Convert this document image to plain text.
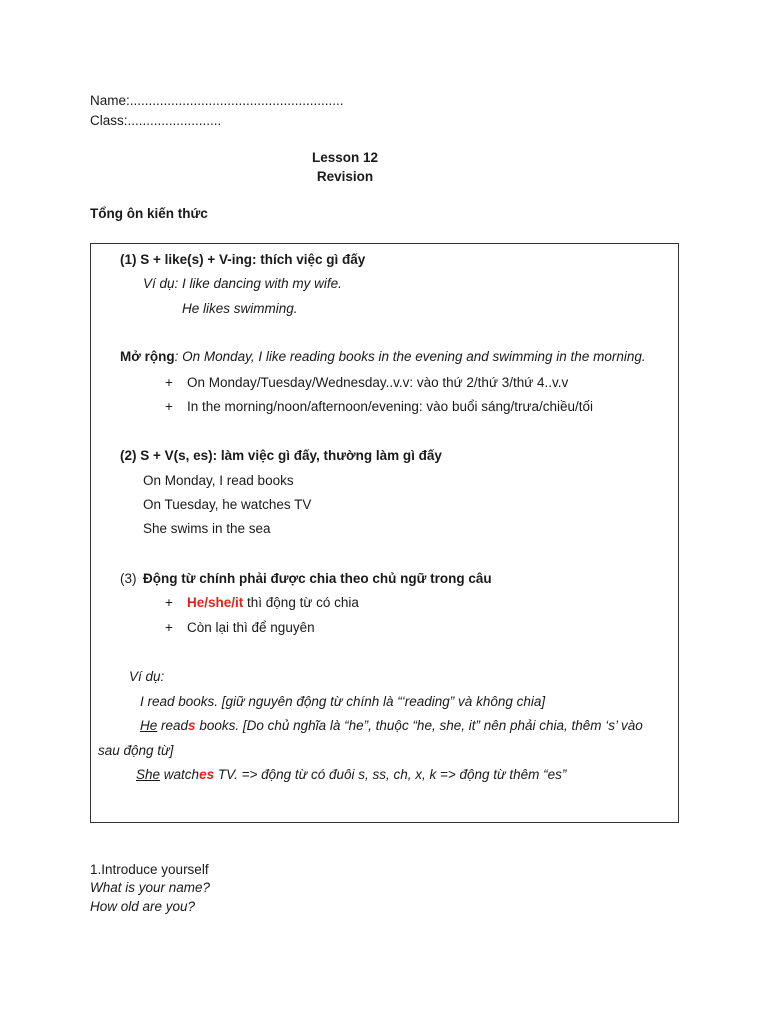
Name:.........................................................
Class:.........................
Lesson 12
Revision
Tổng ôn kiến thức
(1) S + like(s) + V-ing: thích việc gì đấy
Ví dụ: I like dancing with my wife.
He likes swimming.
Mở rộng: On Monday, I like reading books in the evening and swimming in the morning.
+ On Monday/Tuesday/Wednesday..v.v: vào thứ 2/thứ 3/thứ 4..v.v
+ In the morning/noon/afternoon/evening: vào buổi sáng/trưa/chiều/tối
(2) S + V(s, es): làm việc gì đấy, thường làm gì đấy
On Monday, I read books
On Tuesday, he watches TV
She swims in the sea
(3) Động từ chính phải được chia theo chủ ngữ trong câu
+ He/she/it thì động từ có chia
+ Còn lại thì để nguyên
Ví dụ:
I read books. [giữ nguyên động từ chính là “‘reading” và không chia]
He reads books. [Do chủ nghĩa là “he”, thuộc “he, she, it” nên phải chia, thêm ‘s’ vào
sau động từ]
She watches TV. => động từ có đuôi s, ss, ch, x, k => động từ thêm “es”
1.Introduce yourself
What is your name?
How old are you?
